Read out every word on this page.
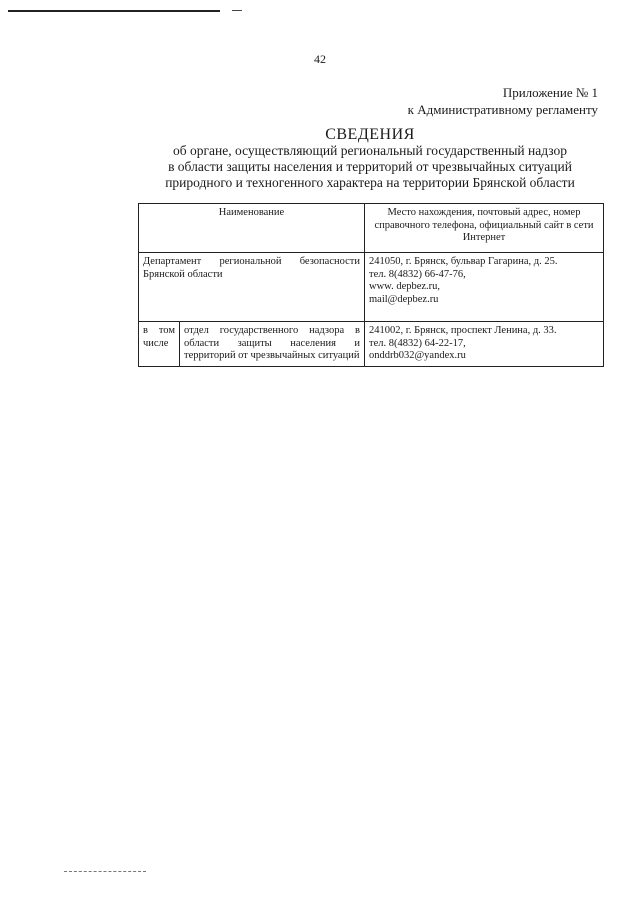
42
Приложение № 1
к Административному регламенту
СВЕДЕНИЯ
об органе, осуществляющий региональный государственный надзор
в области защиты населения и территорий от чрезвычайных ситуаций
природного и техногенного характера на территории Брянской области
Наименование		Место нахождения, почтовый адрес, номер справочного телефона, официальный сайт в сети Интернет
Департамент региональной безопасности Брянской области		241050, г. Брянск, бульвар Гагарина, д. 25.
тел. 8(4832) 66-47-76,
www. depbez.ru,
mail@depbez.ru

в том числе	отдел государственного надзора в области защиты населения и территорий от чрезвычайных ситуаций	241002, г. Брянск, проспект Ленина, д. 33.
тел. 8(4832) 64-22-17,
onddrb032@yandex.ru
